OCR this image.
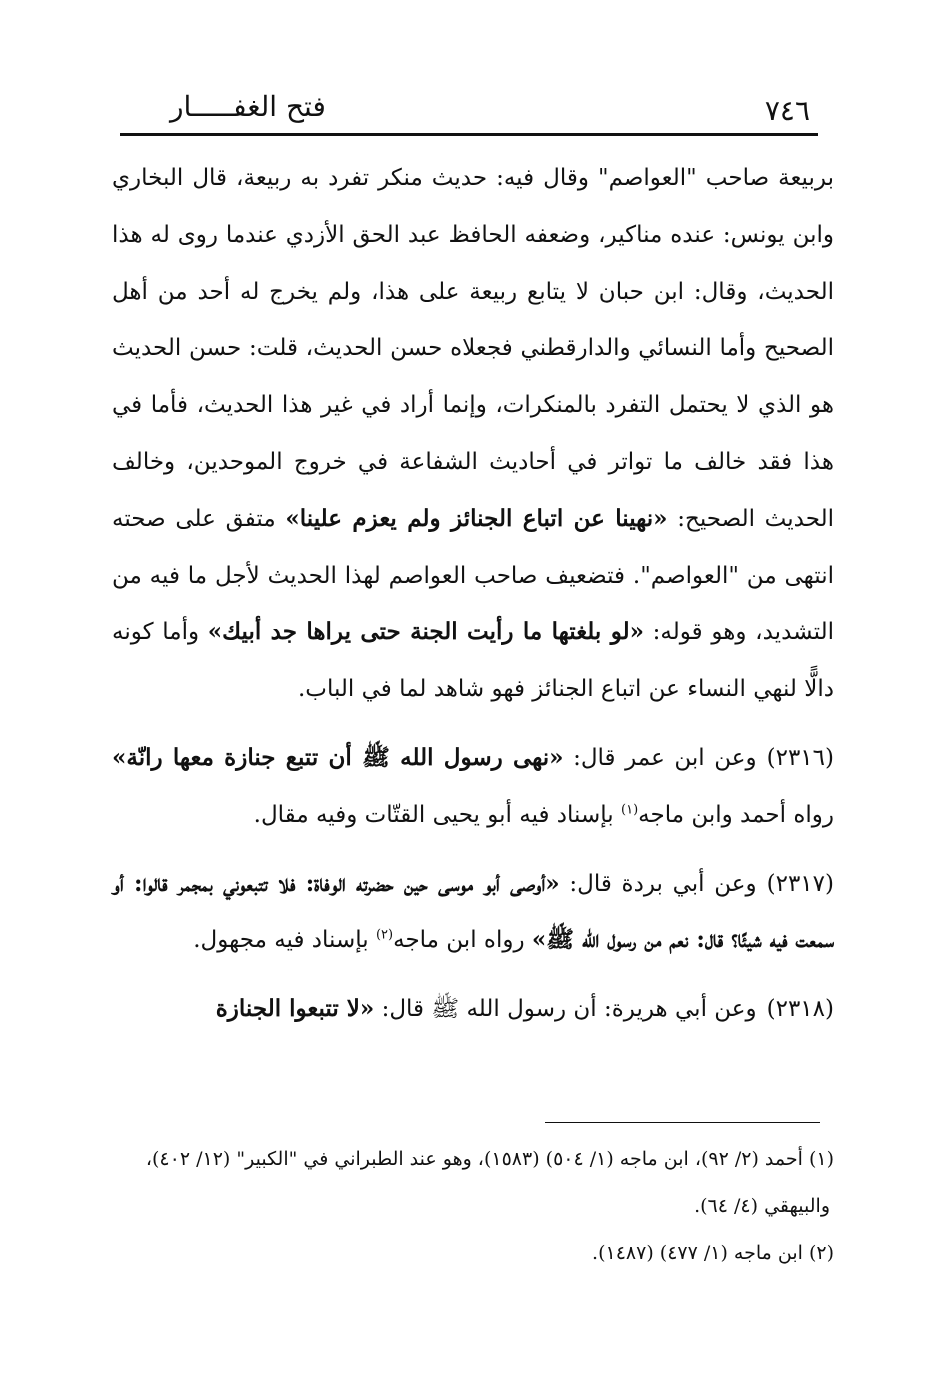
٧٤٦
فتح الغفـــــار

بربيعة صاحب "العواصم" وقال فيه: حديث منكر تفرد به ربيعة، قال البخاري وابن يونس: عنده مناكير، وضعفه الحافظ عبد الحق الأزدي عندما روى له هذا الحديث، وقال: ابن حبان لا يتابع ربيعة على هذا، ولم يخرج له أحد من أهل الصحيح وأما النسائي والدارقطني فجعلاه حسن الحديث، قلت: حسن الحديث هو الذي لا يحتمل التفرد بالمنكرات، وإنما أراد في غير هذا الحديث، فأما في هذا فقد خالف ما تواتر في أحاديث الشفاعة في خروج الموحدين، وخالف الحديث الصحيح: «نهينا عن اتباع الجنائز ولم يعزم علينا» متفق على صحته انتهى من "العواصم". فتضعيف صاحب العواصم لهذا الحديث لأجل ما فيه من التشديد، وهو قوله: «لو بلغتها ما رأيت الجنة حتى يراها جد أبيك» وأما كونه دالًّا لنهي النساء عن اتباع الجنائز فهو شاهد لما في الباب.

(٢٣١٦)وعن ابن عمر قال: «نهى رسول الله ﷺ أن تتبع جنازة معها رانّة» رواه أحمد وابن ماجه$^{(١)}$ بإسناد فيه أبو يحيى القتّات وفيه مقال.

(٢٣١٧)وعن أبي بردة قال: «أوصى أبو موسى حين حضرته الوفاة: فلا تتبعوني بمجمر قالوا: أو سمعت فيه شيئًا؟ قال: نعم من رسول الله ﷺ» رواه ابن ماجه$^{(٢)}$ بإسناد فيه مجهول.

(٢٣١٨)وعن أبي هريرة: أن رسول الله ﷺ قال: «لا تتبعوا الجنازة

(١) أحمد (٢/ ٩٢)، ابن ماجه (١/ ٥٠٤) (١٥٨٣)، وهو عند الطبراني في "الكبير" (١٢/ ٤٠٢)،

والبيهقي (٤/ ٦٤).

(٢) ابن ماجه (١/ ٤٧٧) (١٤٨٧).
